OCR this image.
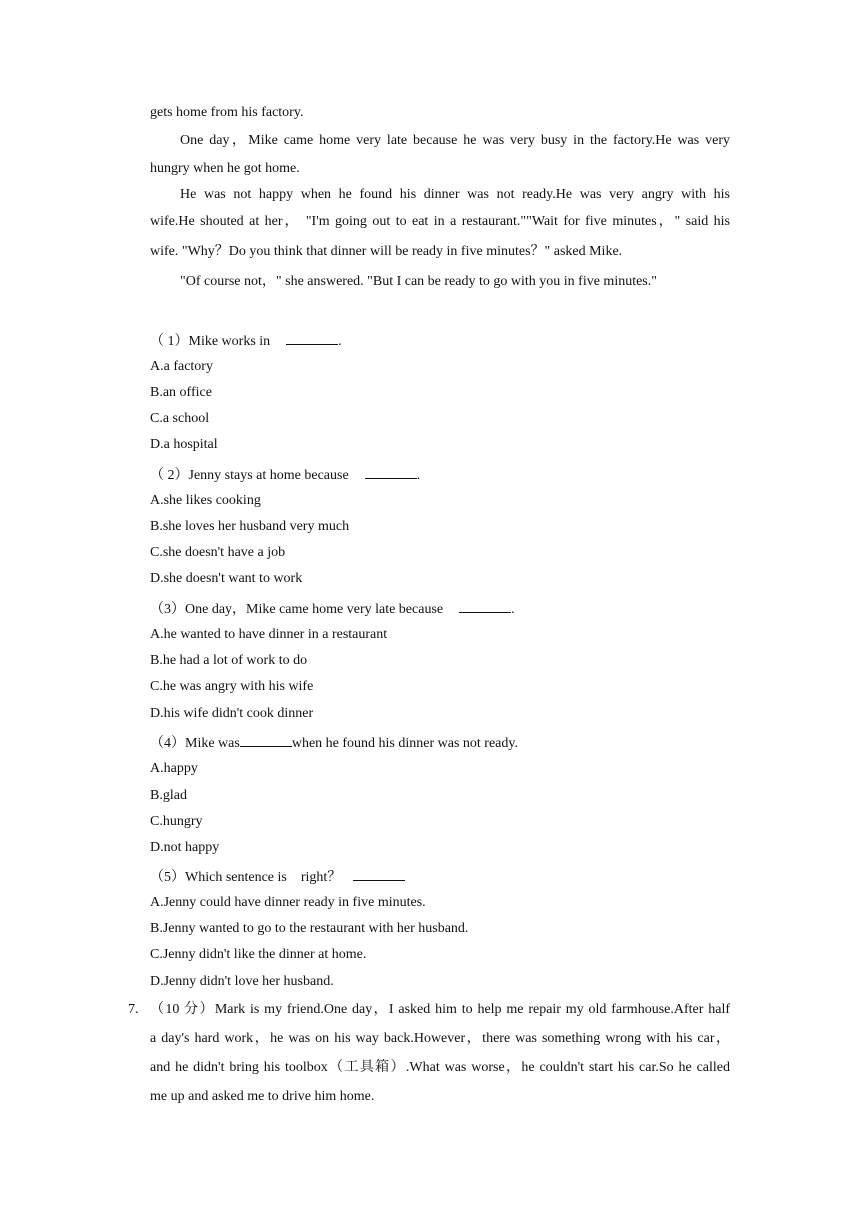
gets home from his factory.
One day，Mike came home very late because he was very busy in the factory.He was very
hungry when he got home.
He was not happy when he found his dinner was not ready.He was very angry with his
wife.He shouted at her， "I'm going out to eat in a restaurant.""Wait for five minutes，" said his
wife. "Why？Do you think that dinner will be ready in five minutes？" asked Mike.
"Of course not，" she answered. "But I can be ready to go with you in five minutes."
（ 1）Mike works in	.
A.a factory
B.an office
C.a school
D.a hospital
（ 2）Jenny stays at home because	.
A.she likes cooking
B.she loves her husband very much
C.she doesn't have a job
D.she doesn't want to work
（3）One day，Mike came home very late because	.
A.he wanted to have dinner in a restaurant
B.he had a lot of work to do
C.he was angry with his wife
D.his wife didn't cook dinner
（4）Mike was	when he found his dinner was not ready.
A.happy
B.glad
C.hungry
D.not happy
（5）Which sentence is　right？
A.Jenny could have dinner ready in five minutes.
B.Jenny wanted to go to the restaurant with her husband.
C.Jenny didn't like the dinner at home.
D.Jenny didn't love her husband.
7. （10 分）Mark is my friend.One day，I asked him to help me repair my old farmhouse.After half
a day's hard work，he was on his way back.However，there was something wrong with his car，
and he didn't bring his toolbox（工具箱）.What was worse，he couldn't start his car.So he called
me up and asked me to drive him home.
